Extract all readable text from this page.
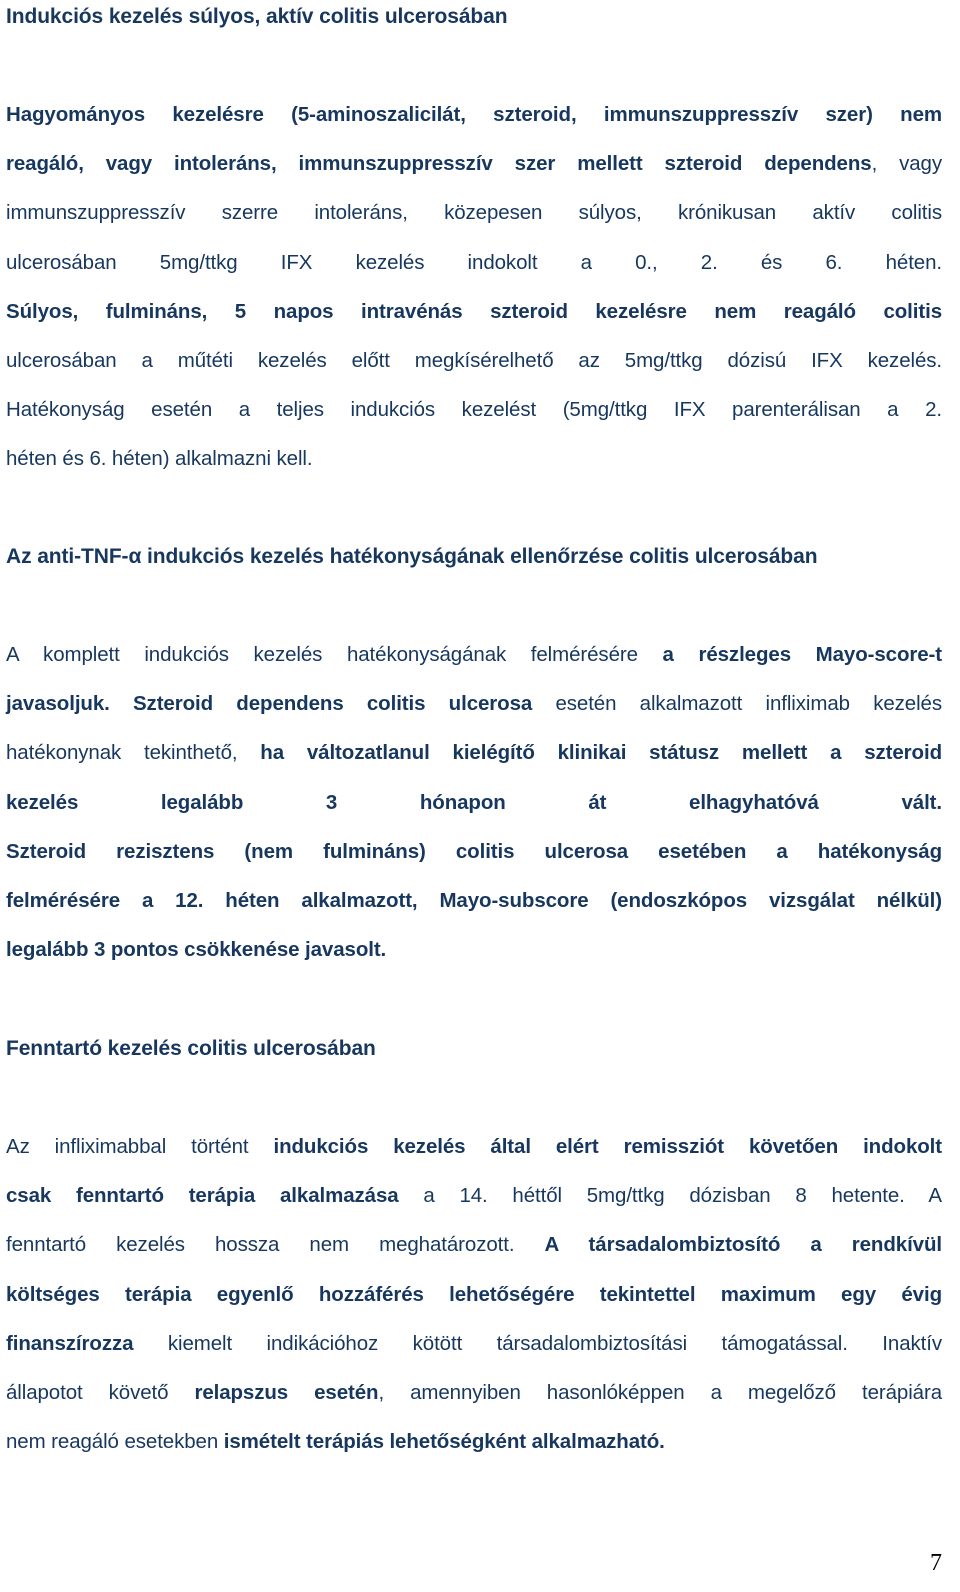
Indukciós kezelés súlyos, aktív colitis ulcerosában
Hagyományos kezelésre (5-aminoszalicilát, szteroid, immunszuppresszív szer) nem
reagáló, vagy intoleráns, immunszuppresszív szer mellett szteroid dependens, vagy
immunszuppresszív szerre intoleráns, közepesen súlyos, krónikusan aktív colitis
ulcerosában 5mg/ttkg IFX kezelés indokolt a 0., 2. és 6. héten.
Súlyos, fulmináns, 5 napos intravénás szteroid kezelésre nem reagáló colitis
ulcerosában a műtéti kezelés előtt megkísérelhető az 5mg/ttkg dózisú IFX kezelés.
Hatékonyság esetén a teljes indukciós kezelést (5mg/ttkg IFX parenterálisan a 2.
héten és 6. héten) alkalmazni kell.
Az anti-TNF-α indukciós kezelés hatékonyságának ellenőrzése colitis ulcerosában
A komplett indukciós kezelés hatékonyságának felmérésére a részleges Mayo-score-t
javasoljuk. Szteroid dependens colitis ulcerosa esetén alkalmazott infliximab kezelés
hatékonynak tekinthető, ha változatlanul kielégítő klinikai státusz mellett a szteroid
kezelés legalább 3 hónapon át elhagyhatóvá vált.
Szteroid rezisztens (nem fulmináns) colitis ulcerosa esetében a hatékonyság
felmérésére a 12. héten alkalmazott, Mayo-subscore (endoszkópos vizsgálat nélkül)
legalább 3 pontos csökkenése javasolt.
Fenntartó kezelés colitis ulcerosában
Az infliximabbal történt indukciós kezelés által elért remissziót követően indokolt
csak fenntartó terápia alkalmazása a 14. héttől 5mg/ttkg dózisban 8 hetente. A
fenntartó kezelés hossza nem meghatározott. A társadalombiztosító a rendkívül
költséges terápia egyenlő hozzáférés lehetőségére tekintettel maximum egy évig
finanszírozza kiemelt indikációhoz kötött társadalombiztosítási támogatással. Inaktív
állapotot követő relapszus esetén, amennyiben hasonlóképpen a megelőző terápiára
nem reagáló esetekben ismételt terápiás lehetőségként alkalmazható.
7
